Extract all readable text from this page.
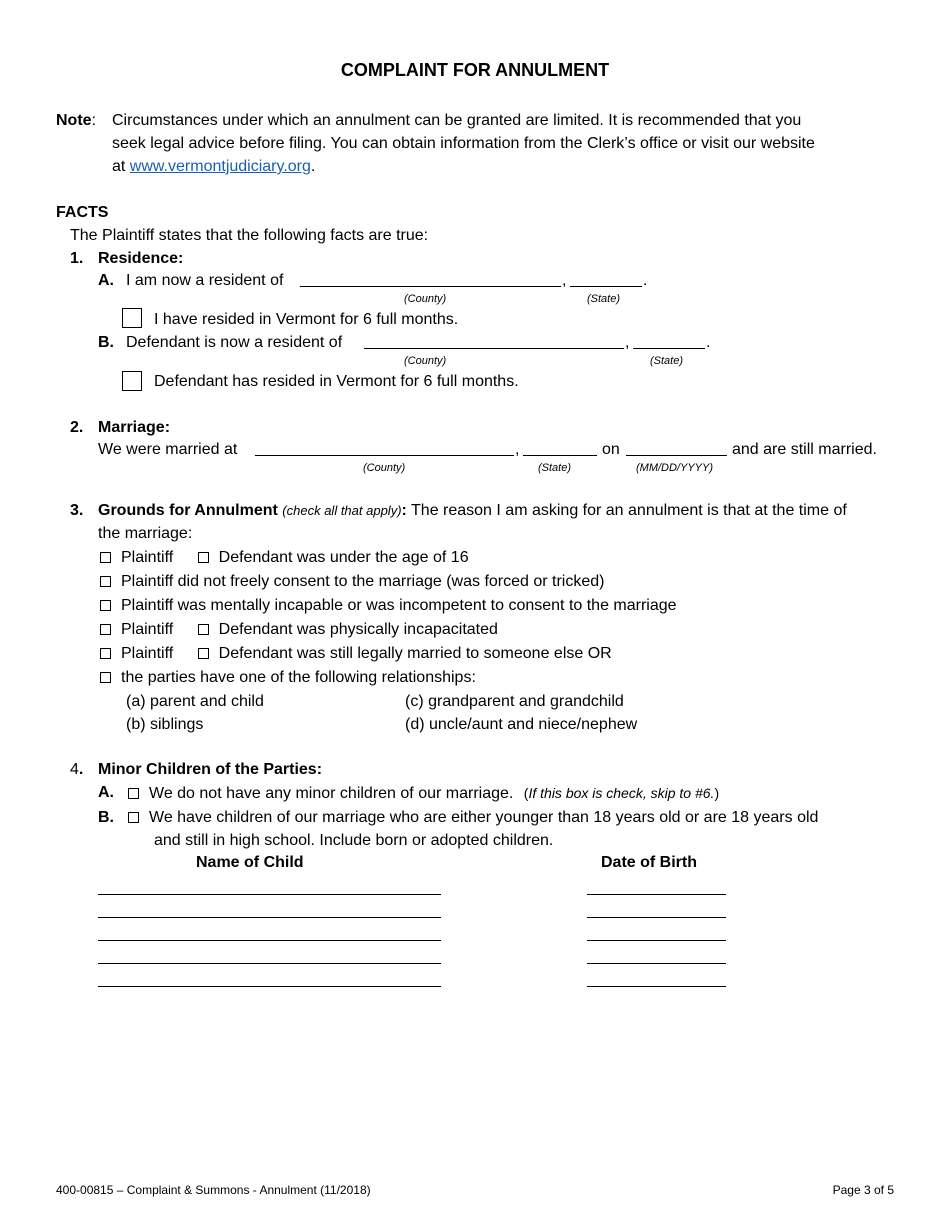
COMPLAINT FOR ANNULMENT
Note: Circumstances under which an annulment can be granted are limited. It is recommended that you
seek legal advice before filing. You can obtain information from the Clerk’s office or visit our website
at www.vermontjudiciary.org.
FACTS
The Plaintiff states that the following facts are true:
1. Residence:
A. I am now a resident of	,	.
(County)	(State)
I have resided in Vermont for 6 full months.
B. Defendant is now a resident of	,	.
(County)	(State)
Defendant has resided in Vermont for 6 full months.
2. Marriage:
We were married at	,	on	and are still married.
(County)	(State)	(MM/DD/YYYY)
3. Grounds for Annulment (check all that apply): The reason I am asking for an annulment is that at the time of
the marriage:
Plaintiff	Defendant was under the age of 16
Plaintiff did not freely consent to the marriage (was forced or tricked)
Plaintiff was mentally incapable or was incompetent to consent to the marriage
Plaintiff	Defendant was physically incapacitated
Plaintiff	Defendant was still legally married to someone else OR
the parties have one of the following relationships:
(a) parent and child	(c) grandparent and grandchild
(b) siblings	(d) uncle/aunt and niece/nephew
4. Minor Children of the Parties:
A.	We do not have any minor children of our marriage. (If this box is check, skip to #6.)
B.	We have children of our marriage who are either younger than 18 years old or are 18 years old
and still in high school. Include born or adopted children.
Name of Child	Date of Birth
400-00815 – Complaint & Summons - Annulment (11/2018)	Page 3 of 5
